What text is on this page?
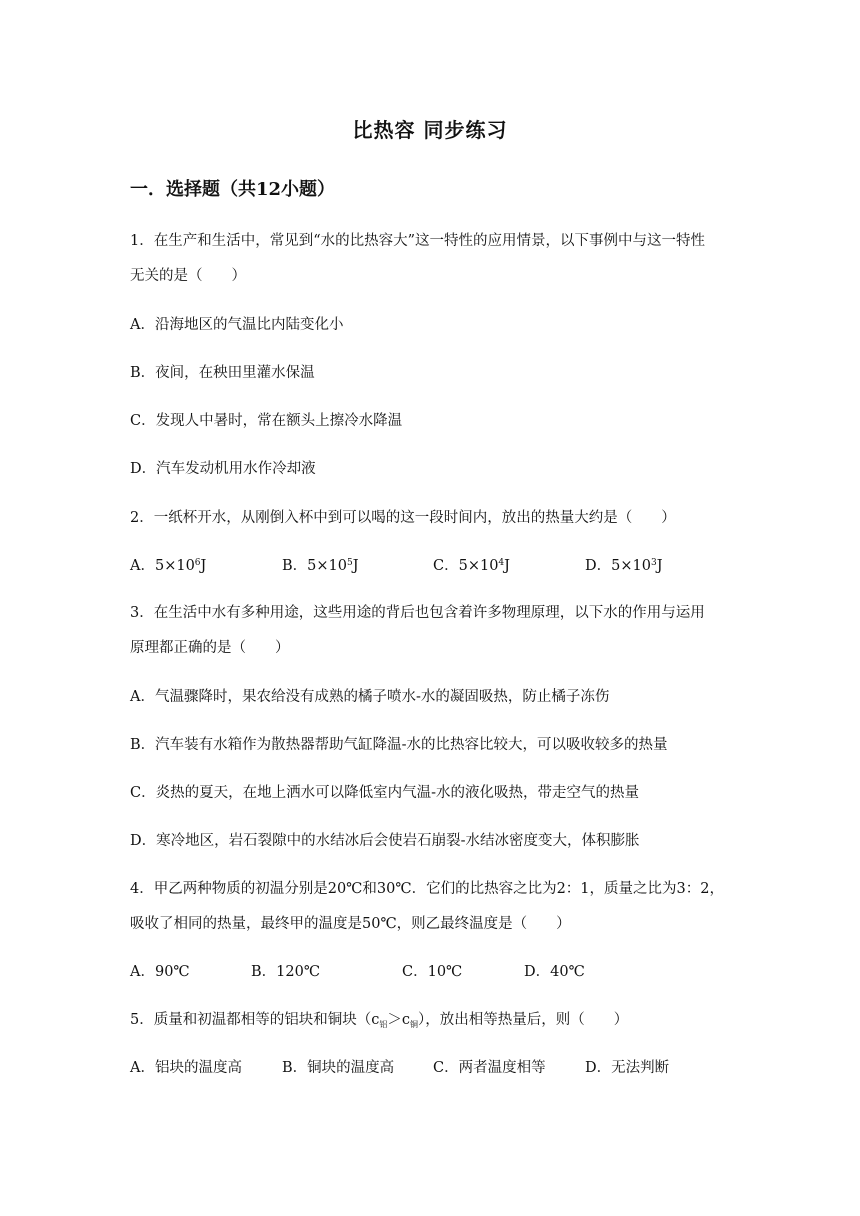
比热容 同步练习
一．选择题（共12小题）
1．在生产和生活中，常见到“水的比热容大”这一特性的应用情景，以下事例中与这一特性
无关的是（　　）
A．沿海地区的气温比内陆变化小
B．夜间，在秧田里灌水保温
C．发现人中暑时，常在额头上擦冷水降温
D．汽车发动机用水作冷却液
2．一纸杯开水，从刚倒入杯中到可以喝的这一段时间内，放出的热量大约是（　　）
A．$5\times 10^6J$	B．$5\times 10^5J$	C．$5\times 10^4J$	D．$5\times 10^3J$
3．在生活中水有多种用途，这些用途的背后也包含着许多物理原理，以下水的作用与运用
原理都正确的是（　　）
A．气温骤降时，果农给没有成熟的橘子喷水-水的凝固吸热，防止橘子冻伤
B．汽车装有水箱作为散热器帮助气缸降温-水的比热容比较大，可以吸收较多的热量
C．炎热的夏天，在地上洒水可以降低室内气温-水的液化吸热，带走空气的热量
D．寒冷地区，岩石裂隙中的水结冰后会使岩石崩裂-水结冰密度变大，体积膨胀
4．甲乙两种物质的初温分别是20℃和30℃．它们的比热容之比为2：1，质量之比为3：2，
吸收了相同的热量，最终甲的温度是50℃，则乙最终温度是（　　）
A．90℃	B．120℃	C．10℃	D．40℃
5．质量和初温都相等的铝块和铜块$(c_铝>c_铜)$，放出相等热量后，则（　　）
A．铝块的温度高	B．铜块的温度高	C．两者温度相等	D．无法判断
